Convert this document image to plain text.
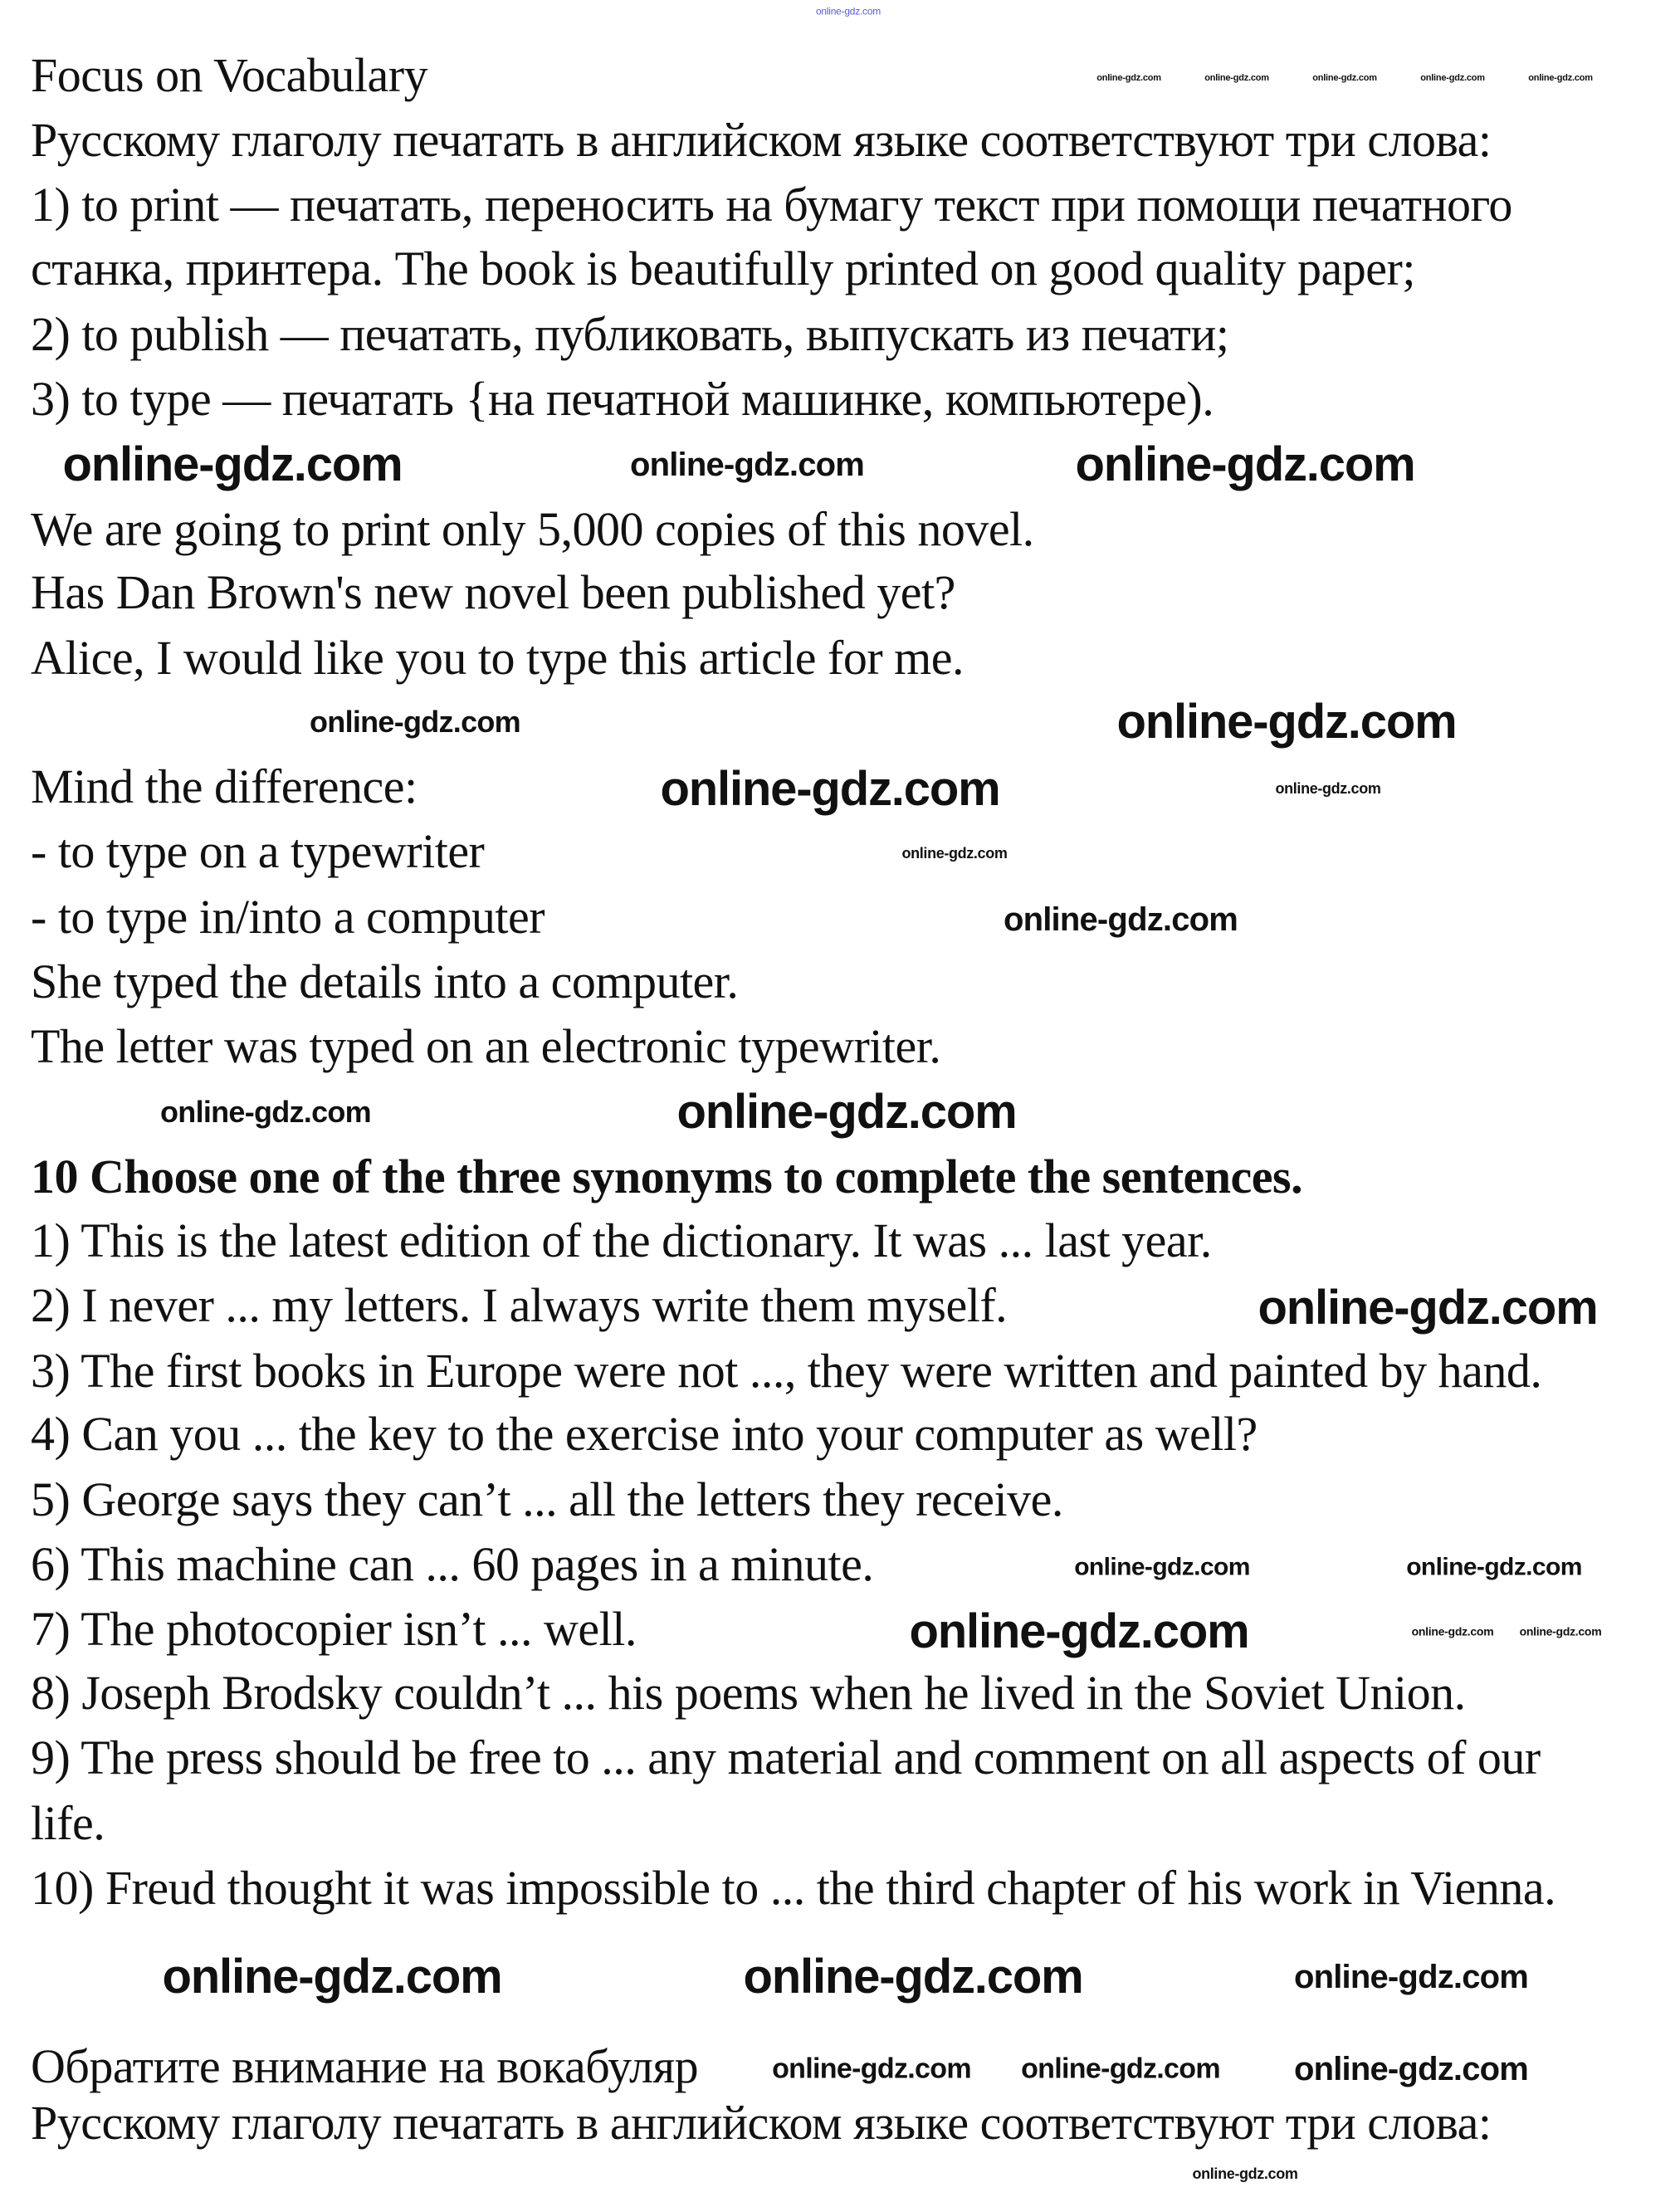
Focus on Vocabulary
Русскому глаголу печатать в английском языке соответствуют три слова:
1) to print — печатать, переносить на бумагу текст при помощи печатного
станка, принтера. The book is beautifully printed on good quality paper;
2) to publish — печатать, публиковать, выпускать из печати;
3) to type — печатать {на печатной машинке, компьютере).
We are going to print only 5,000 copies of this novel.
Has Dan Brown's new novel been published yet?
Alice, I would like you to type this article for me.
Mind the difference:
- to type on a typewriter
- to type in/into a computer
She typed the details into a computer.
The letter was typed on an electronic typewriter.
10 Choose one of the three synonyms to complete the sentences.
1) This is the latest edition of the dictionary. It was ... last year.
2) I never ... my letters. I always write them myself.
3) The first books in Europe were not ..., they were written and painted by hand.
4) Can you ... the key to the exercise into your computer as well?
5) George says they can’t ... all the letters they receive.
6) This machine can ... 60 pages in a minute.
7) The photocopier isn’t ... well.
8) Joseph Brodsky couldn’t ... his poems when he lived in the Soviet Union.
9) The press should be free to ... any material and comment on all aspects of our
life.
10) Freud thought it was impossible to ... the third chapter of his work in Vienna.
Обратите внимание на вокабуляр
Русскому глаголу печатать в английском языке соответствуют три слова:
online-gdz.com
online-gdz.com	online-gdz.com	online-gdz.com	online-gdz.com	online-gdz.com
online-gdz.com	online-gdz.com	online-gdz.com
online-gdz.com	online-gdz.com
online-gdz.com
online-gdz.com
online-gdz.com	online-gdz.com
online-gdz.com	online-gdz.com
online-gdz.com	online-gdz.com
online-gdz.com	online-gdz.com online-gdz.com
online-gdz.com
online-gdz.com	online-gdz.com	online-gdz.com
online-gdz.com online-gdz.com online-gdz.com
online-gdz.com
